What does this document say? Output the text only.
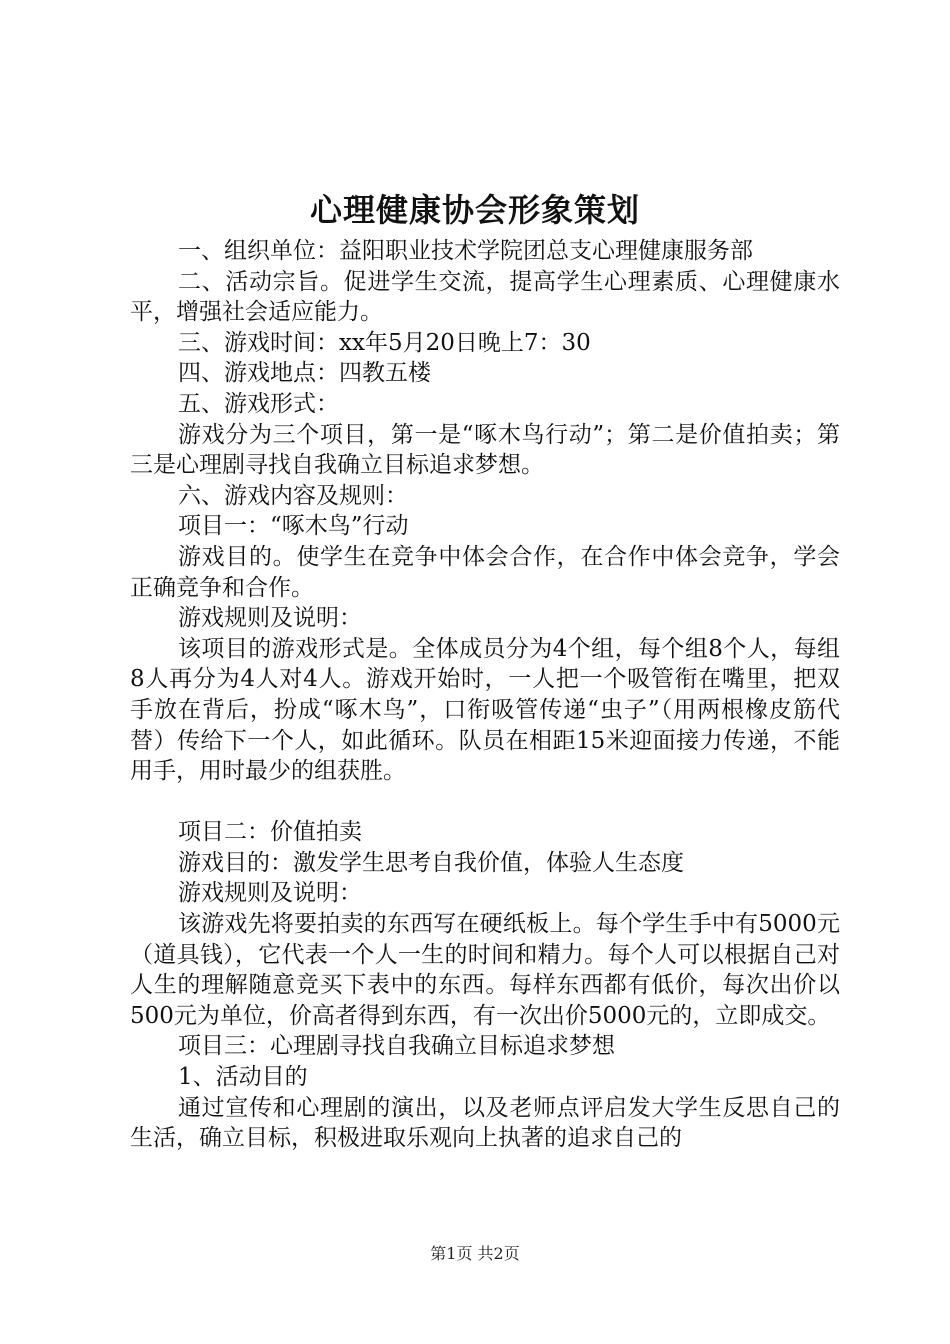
心理健康协会形象策划

一、组织单位：益阳职业技术学院团总支心理健康服务部

二、活动宗旨。促进学生交流，提高学生心理素质、心理健康水平，增强社会适应能力。

三、游戏时间：xx年5月20日晚上7：30

四、游戏地点：四教五楼

五、游戏形式：

游戏分为三个项目，第一是“啄木鸟行动”；第二是价值拍卖；第三是心理剧寻找自我确立目标追求梦想。

六、游戏内容及规则：

项目一：“啄木鸟”行动

游戏目的。使学生在竞争中体会合作，在合作中体会竞争，学会正确竞争和合作。

游戏规则及说明：

该项目的游戏形式是。全体成员分为4个组，每个组8个人，每组8人再分为4人对4人。游戏开始时，一人把一个吸管衔在嘴里，把双手放在背后，扮成“啄木鸟”，口衔吸管传递“虫子”（用两根橡皮筋代替）传给下一个人，如此循环。队员在相距15米迎面接力传递，不能用手，用时最少的组获胜。

项目二：价值拍卖

游戏目的：激发学生思考自我价值，体验人生态度

游戏规则及说明：

该游戏先将要拍卖的东西写在硬纸板上。每个学生手中有5000元（道具钱），它代表一个人一生的时间和精力。每个人可以根据自己对人生的理解随意竞买下表中的东西。每样东西都有低价，每次出价以500元为单位，价高者得到东西，有一次出价5000元的，立即成交。

项目三：心理剧寻找自我确立目标追求梦想

1、活动目的

通过宣传和心理剧的演出，以及老师点评启发大学生反思自己的生活，确立目标，积极进取乐观向上执著的追求自己的

第1页 共2页
